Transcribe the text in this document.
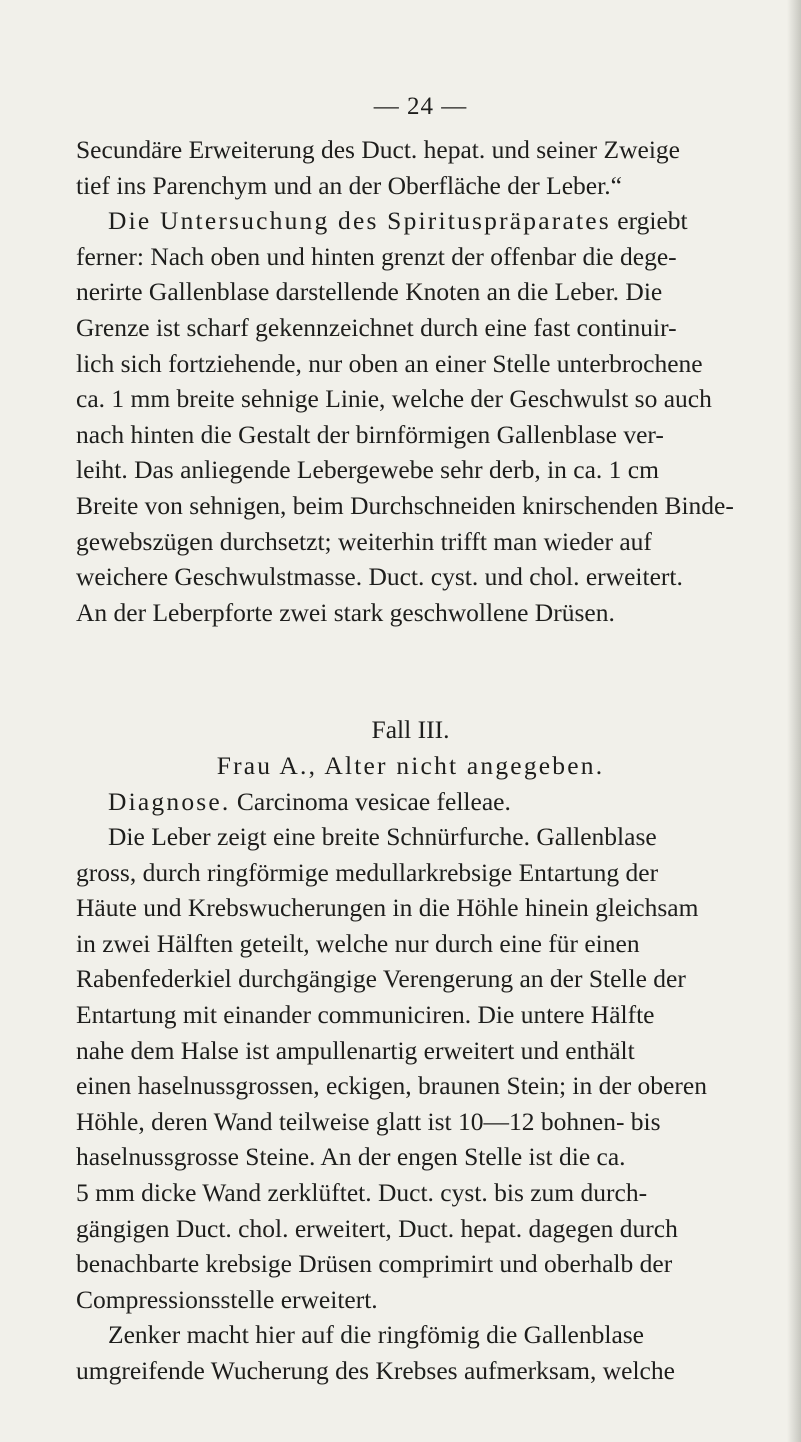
— 24 —

Secundäre Erweiterung des Duct. hepat. und seiner Zweige
tief ins Parenchym und an der Oberfläche der Leber.“

Die Untersuchung des Spirituspräparates ergiebt
ferner: Nach oben und hinten grenzt der offenbar die dege-
nerirte Gallenblase darstellende Knoten an die Leber. Die
Grenze ist scharf gekennzeichnet durch eine fast continuir-
lich sich fortziehende, nur oben an einer Stelle unterbrochene
ca. 1 mm breite sehnige Linie, welche der Geschwulst so auch
nach hinten die Gestalt der birnförmigen Gallenblase ver-
leiht. Das anliegende Lebergewebe sehr derb, in ca. 1 cm
Breite von sehnigen, beim Durchschneiden knirschenden Binde-
gewebszügen durchsetzt; weiterhin trifft man wieder auf
weichere Geschwulstmasse. Duct. cyst. und chol. erweitert.
An der Leberpforte zwei stark geschwollene Drüsen.

Fall III.

Frau A., Alter nicht angegeben.

Diagnose. Carcinoma vesicae felleae.

Die Leber zeigt eine breite Schnürfurche. Gallenblase
gross, durch ringförmige medullarkrebsige Entartung der
Häute und Krebswucherungen in die Höhle hinein gleichsam
in zwei Hälften geteilt, welche nur durch eine für einen
Rabenfederkiel durchgängige Verengerung an der Stelle der
Entartung mit einander communiciren. Die untere Hälfte
nahe dem Halse ist ampullenartig erweitert und enthält
einen haselnussgrossen, eckigen, braunen Stein; in der oberen
Höhle, deren Wand teilweise glatt ist 10—12 bohnen- bis
haselnussgrosse Steine. An der engen Stelle ist die ca.
5 mm dicke Wand zerklüftet. Duct. cyst. bis zum durch-
gängigen Duct. chol. erweitert, Duct. hepat. dagegen durch
benachbarte krebsige Drüsen comprimirt und oberhalb der
Compressionsstelle erweitert.

Zenker macht hier auf die ringfömig die Gallenblase
umgreifende Wucherung des Krebses aufmerksam, welche
